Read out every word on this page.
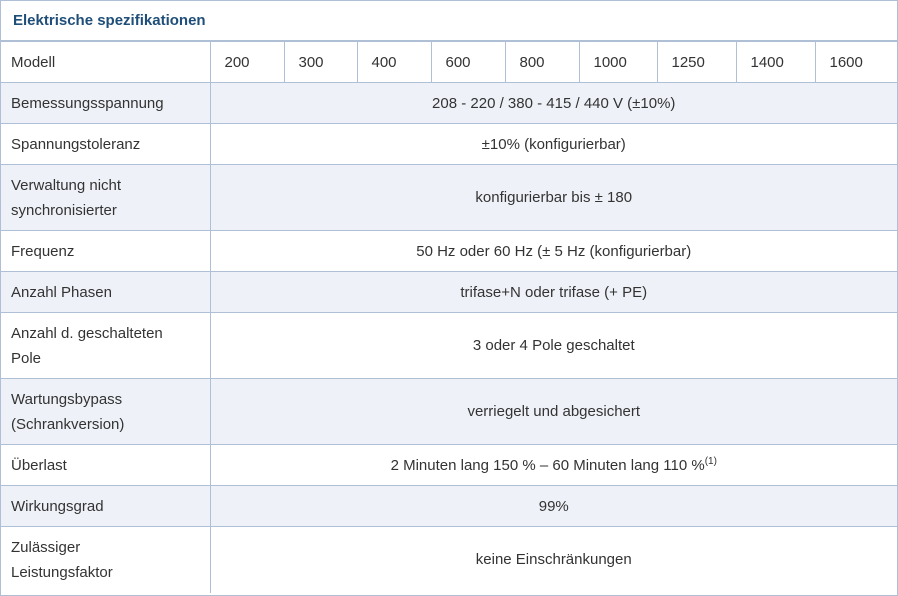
Elektrische spezifikationen
Modell	200	300	400	600	800	1000	1250	1400	1600
Bemessungsspannung	208 - 220 / 380 - 415 / 440 V (±10%)								
Spannungstoleranz	±10% (konfigurierbar)								
Verwaltung nicht
synchronisierter	konfigurierbar bis ± 180								
Frequenz	50 Hz oder 60 Hz (± 5 Hz (konfigurierbar)								
Anzahl Phasen	trifase+N oder trifase (+ PE)								
Anzahl d. geschalteten
Pole	3 oder 4 Pole geschaltet								
Wartungsbypass
(Schrankversion)	verriegelt und abgesichert								
Überlast	2 Minuten lang 150 % – 60 Minuten lang 110 %$^{(1)}$
Wirkungsgrad	99%								
Zulässiger
Leistungsfaktor	keine Einschränkungen								
